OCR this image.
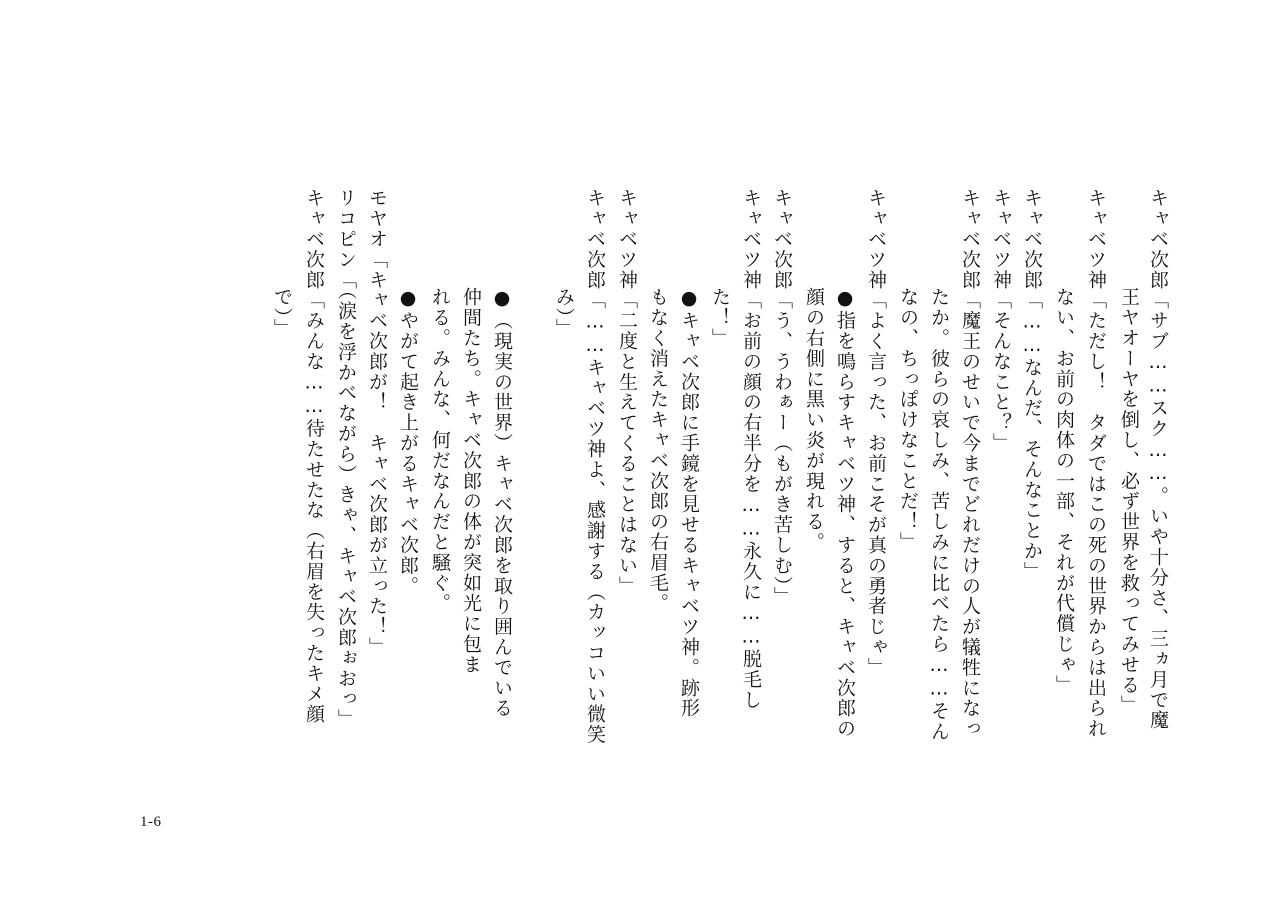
キャベ次郎「サブ……スク……。いや十分さ、三ヵ月で魔
王ヤオーヤを倒し、必ず世界を救ってみせる」
キャベツ神「ただし！　タダではこの死の世界からは出られ
ない、お前の肉体の一部、それが代償じゃ」
キャベ次郎「……なんだ、そんなことか」
キャベツ神「そんなこと？」
キャベ次郎「魔王のせいで今までどれだけの人が犠牲になっ
たか。彼らの哀しみ、苦しみに比べたら……そん
なの、ちっぽけなことだ！」
キャベツ神「よく言った、お前こそが真の勇者じゃ」
●指を鳴らすキャベツ神、すると、キャベ次郎の
顔の右側に黒い炎が現れる。
キャベ次郎「う、うわぁー（もがき苦しむ）」
キャベツ神「お前の顔の右半分を……永久に……脱毛し
た！」
●キャベ次郎に手鏡を見せるキャベツ神。跡形
もなく消えたキャベ次郎の右眉毛。
キャベツ神「二度と生えてくることはない」
キャベ次郎「……キャベツ神よ、感謝する（カッコいい微笑
み）」
●（現実の世界）キャベ次郎を取り囲んでいる
仲間たち。キャベ次郎の体が突如光に包ま
れる。みんな、何だなんだと騒ぐ。
●やがて起き上がるキャベ次郎。
モヤオ「キャベ次郎が！　キャベ次郎が立った！」
リコピン「（涙を浮かべながら）きゃ、キャベ次郎ぉおっ」
キャベ次郎「みんな……待たせたな（右眉を失ったキメ顔
で）」
1-6
